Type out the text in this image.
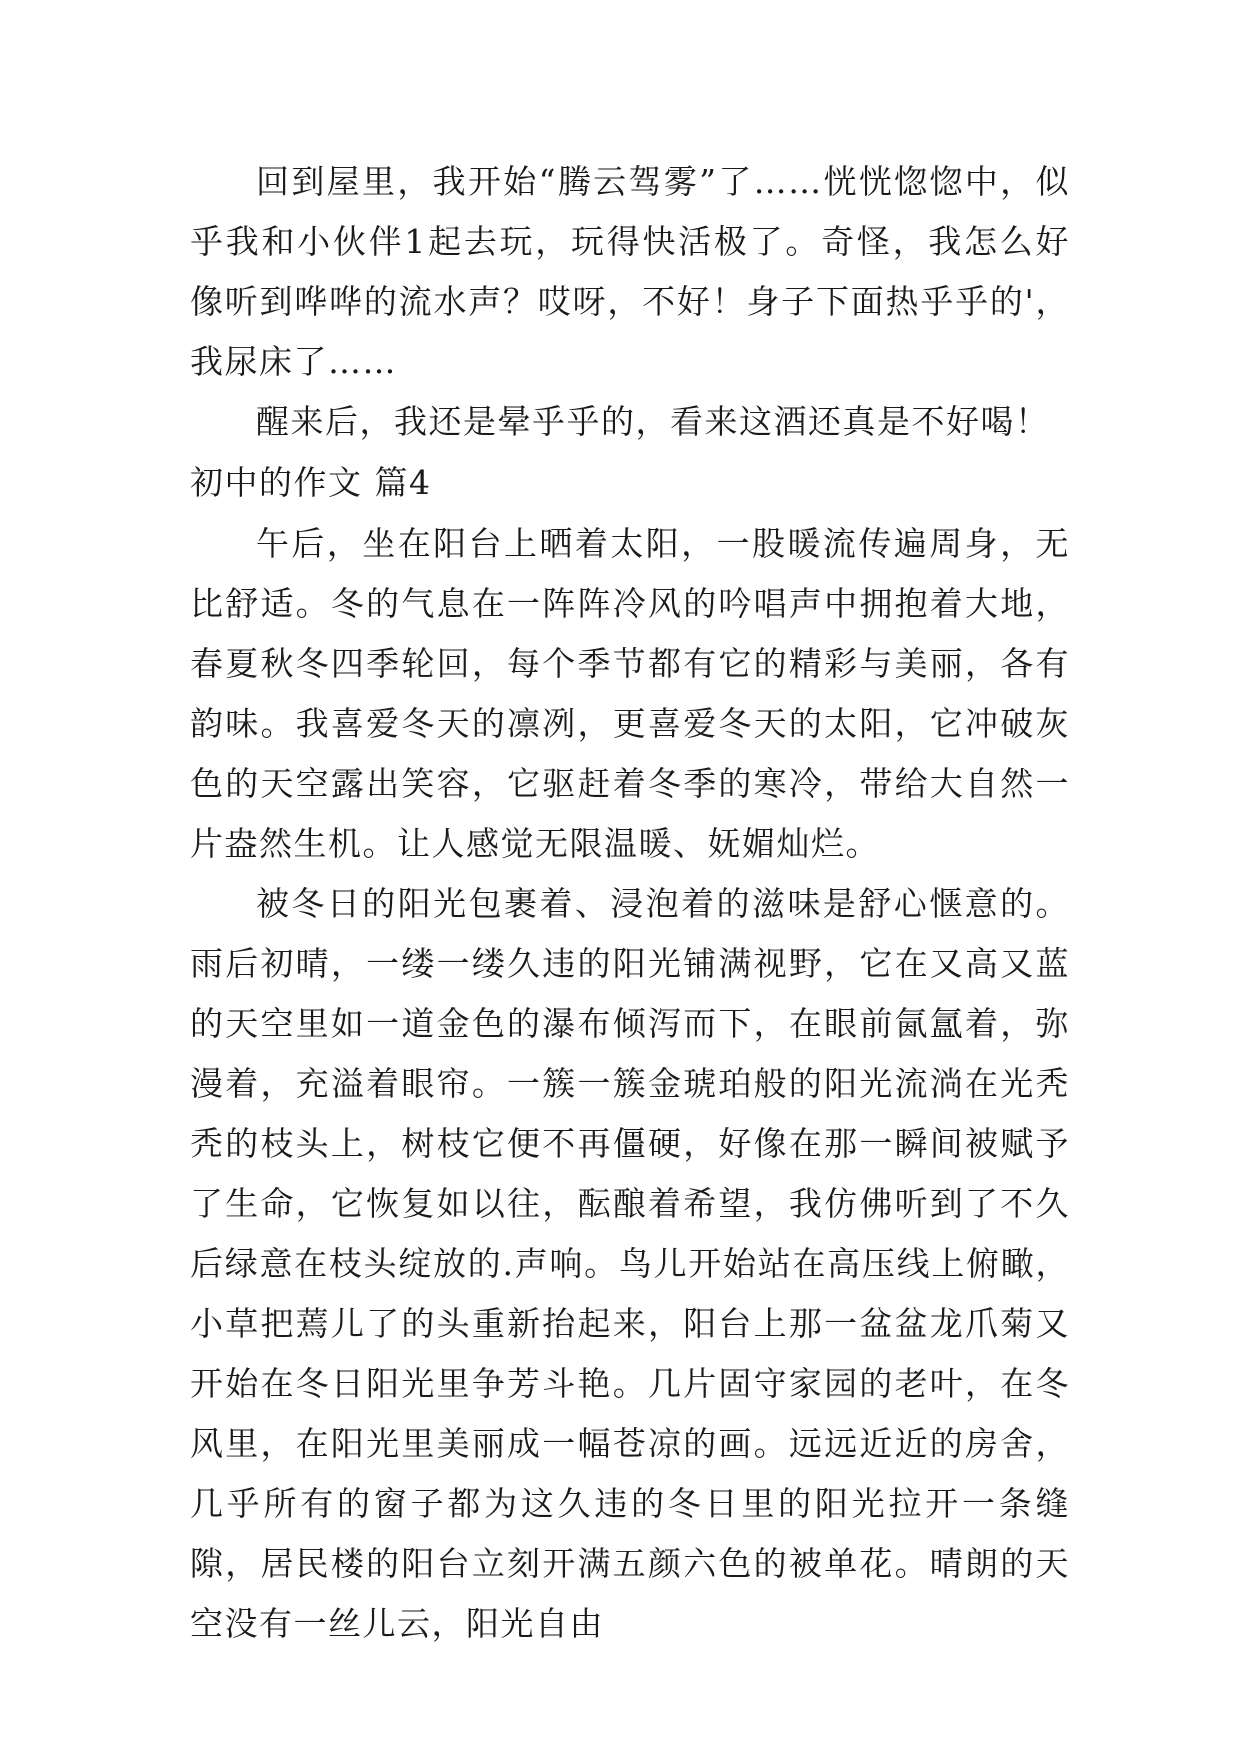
回到屋里，我开始“腾云驾雾”了……恍恍惚惚中，似乎我和小伙伴1起去玩，玩得快活极了。奇怪，我怎么好像听到哗哗的流水声？哎呀，不好！身子下面热乎乎的'，我尿床了……

醒来后，我还是晕乎乎的，看来这酒还真是不好喝！

初中的作文 篇4

午后，坐在阳台上晒着太阳，一股暖流传遍周身，无比舒适。冬的气息在一阵阵冷风的吟唱声中拥抱着大地，春夏秋冬四季轮回，每个季节都有它的精彩与美丽，各有韵味。我喜爱冬天的凛冽，更喜爱冬天的太阳，它冲破灰色的天空露出笑容，它驱赶着冬季的寒冷，带给大自然一片盎然生机。让人感觉无限温暖、妩媚灿烂。

被冬日的阳光包裹着、浸泡着的滋味是舒心惬意的。雨后初晴，一缕一缕久违的阳光铺满视野，它在又高又蓝的天空里如一道金色的瀑布倾泻而下，在眼前氤氲着，弥漫着，充溢着眼帘。一簇一簇金琥珀般的阳光流淌在光秃秃的枝头上，树枝它便不再僵硬，好像在那一瞬间被赋予了生命，它恢复如以往，酝酿着希望，我仿佛听到了不久后绿意在枝头绽放的.声响。鸟儿开始站在高压线上俯瞰，小草把蔫儿了的头重新抬起来，阳台上那一盆盆龙爪菊又开始在冬日阳光里争芳斗艳。几片固守家园的老叶，在冬风里，在阳光里美丽成一幅苍凉的画。远远近近的房舍，几乎所有的窗子都为这久违的冬日里的阳光拉开一条缝隙，居民楼的阳台立刻开满五颜六色的被单花。晴朗的天空没有一丝儿云，阳光自由
